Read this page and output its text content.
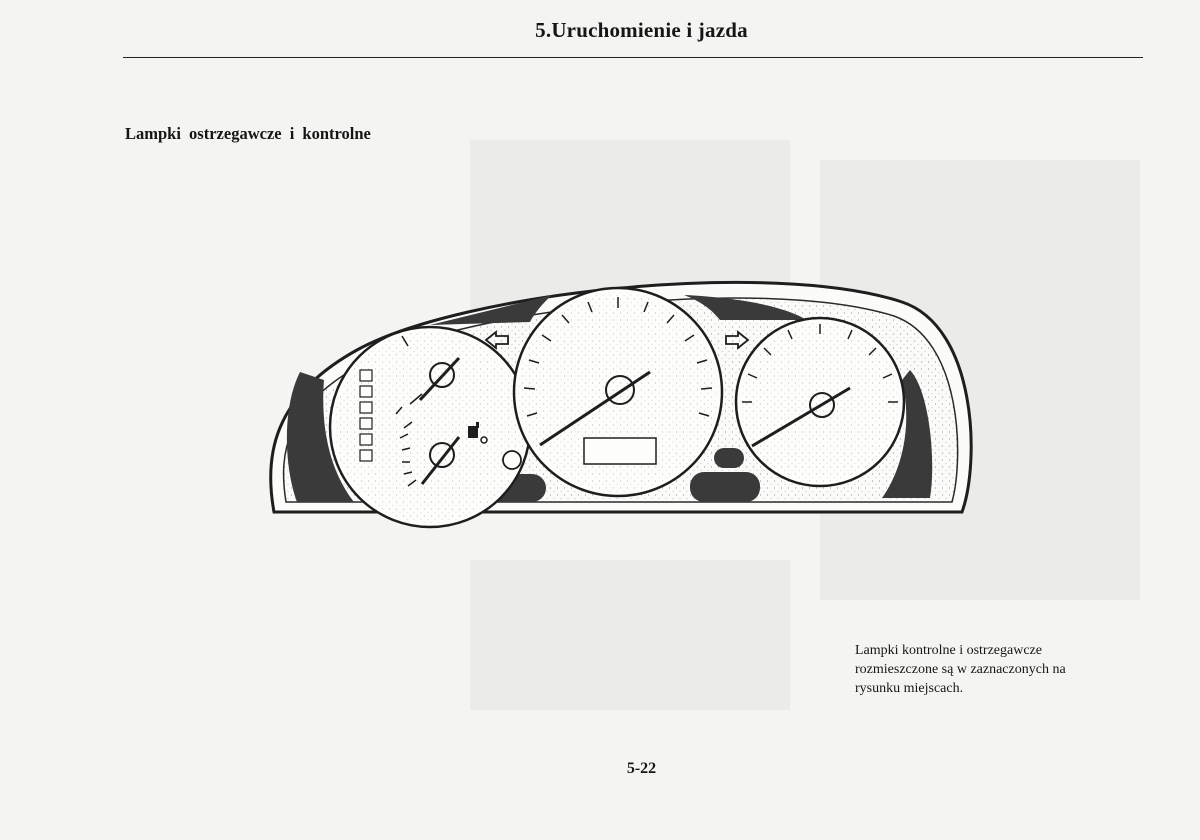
5.Uruchomienie i jazda
Lampki ostrzegawcze i kontrolne
Lampki kontrolne i ostrzegawcze
rozmieszczone są w zaznaczonych na
rysunku miejscach.
5-22
